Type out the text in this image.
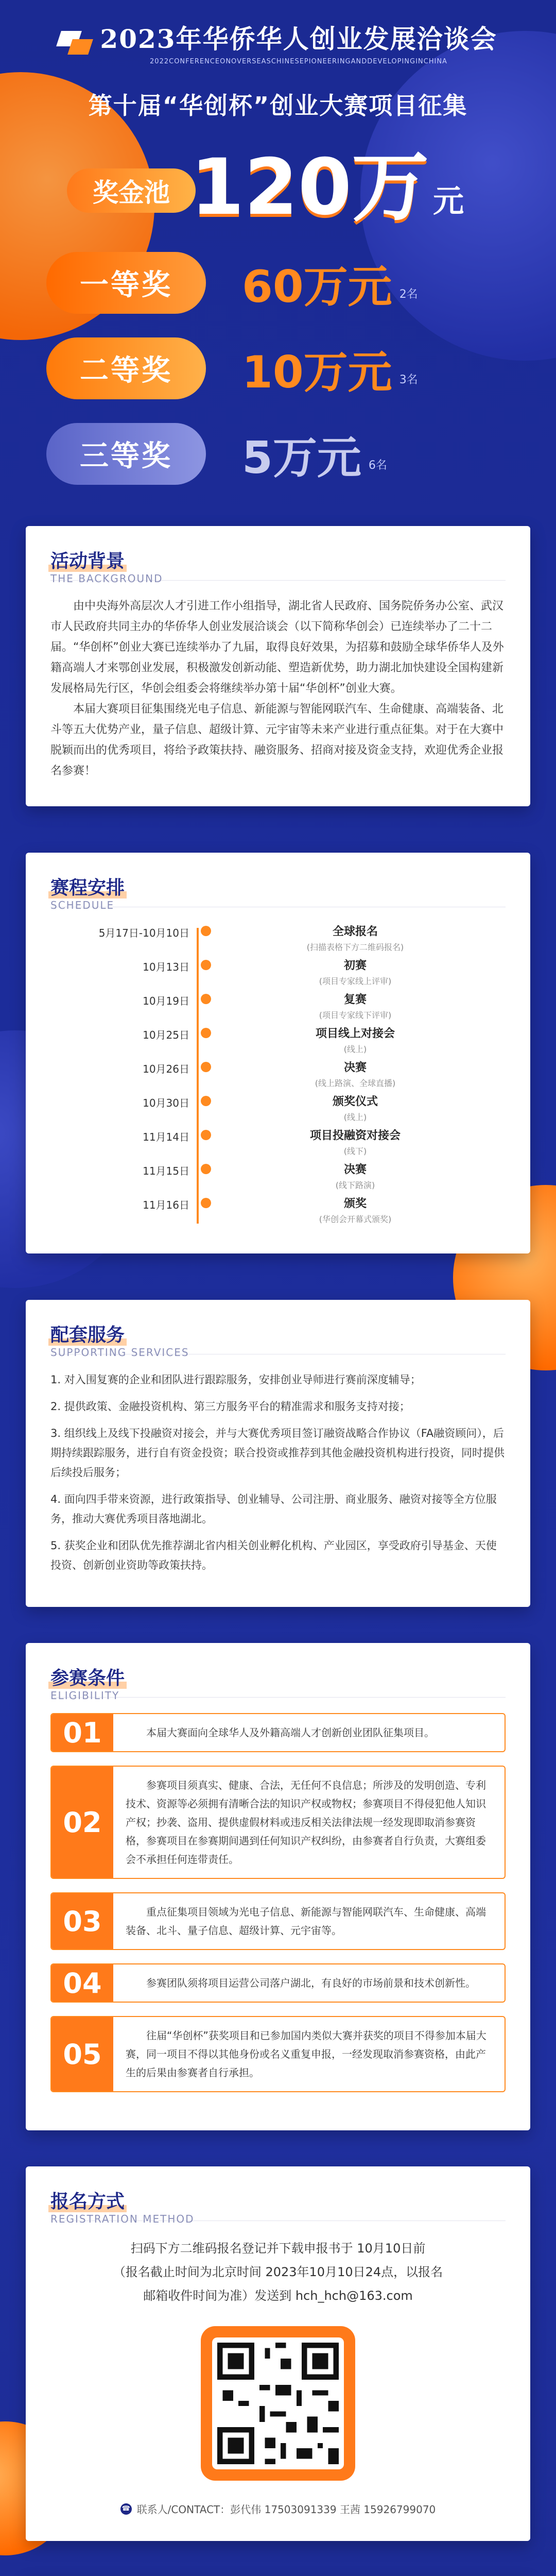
2023年华侨华人创业发展洽谈会
2022CONFERENCEONOVERSEASCHINESEPIONEERINGANDDEVELOPINGINCHINA
第十届“华创杯”创业大赛项目征集
奖金池 120万 元
一等奖	60万元 2名
二等奖	10万元 3名
三等奖	5万元 6名
活动背景
THE BACKGROUND

由中央海外高层次人才引进工作小组指导，湖北省人民政府、国务院侨务办公室、武汉市人民政府共同主办的华侨华人创业发展洽谈会（以下简称华创会）已连续举办了二十二届。“华创杯”创业大赛已连续举办了九届，取得良好效果，为招募和鼓励全球华侨华人及外籍高端人才来鄂创业发展，积极激发创新动能、塑造新优势，助力湖北加快建设全国构建新发展格局先行区，华创会组委会将继续举办第十届“华创杯”创业大赛。

本届大赛项目征集围绕光电子信息、新能源与智能网联汽车、生命健康、高端装备、北斗等五大优势产业，量子信息、超级计算、元宇宙等未来产业进行重点征集。对于在大赛中脱颖而出的优秀项目，将给予政策扶持、融资服务、招商对接及资金支持，欢迎优秀企业报名参赛！

赛程安排
SCHEDULE
5月17日-10月10日	全球报名
(扫描表格下方二维码报名)
10月13日	初赛
(项目专家线上评审)
10月19日	复赛
(项目专家线下评审)
10月25日	项目线上对接会
(线上)
10月26日	决赛
(线上路演、全球直播)
10月30日	颁奖仪式
(线上)
11月14日	项目投融资对接会
(线下)
11月15日	决赛
(线下路演)
11月16日	颁奖
(华创会开幕式颁奖)
配套服务
SUPPORTING SERVICES
1. 对入围复赛的企业和团队进行跟踪服务，安排创业导师进行赛前深度辅导；
2. 提供政策、金融投资机构、第三方服务平台的精准需求和服务支持对接；
3. 组织线上及线下投融资对接会，并与大赛优秀项目签订融资战略合作协议（FA融资顾问），后期持续跟踪服务，进行自有资金投资；联合投资或推荐到其他金融投资机构进行投资，同时提供后续投后服务；
4. 面向四手带来资源，进行政策指导、创业辅导、公司注册、商业服务、融资对接等全方位服务，推动大赛优秀项目落地湖北。
5. 获奖企业和团队优先推荐湖北省内相关创业孵化机构、产业园区，享受政府引导基金、天使投资、创新创业资助等政策扶持。
参赛条件
ELIGIBILITY
01	本届大赛面向全球华人及外籍高端人才创新创业团队征集项目。
02
参赛项目须真实、健康、合法，无任何不良信息；所涉及的发明创造、专利技术、资源等必须拥有清晰合法的知识产权或物权；参赛项目不得侵犯他人知识产权；抄袭、盗用、提供虚假材料或违反相关法律法规一经发现即取消参赛资格，参赛项目在参赛期间遇到任何知识产权纠纷，由参赛者自行负责，大赛组委会不承担任何连带责任。
03	重点征集项目领域为光电子信息、新能源与智能网联汽车、生命健康、高端装备、北斗、量子信息、超级计算、元宇宙等。
04	参赛团队须将项目运营公司落户湖北，有良好的市场前景和技术创新性。
05
往届“华创杯”获奖项目和已参加国内类似大赛并获奖的项目不得参加本届大赛，同一项目不得以其他身份或名义重复申报，一经发现取消参赛资格，由此产生的后果由参赛者自行承担。
报名方式
REGISTRATION METHOD

扫码下方二维码报名登记并下载申报书于 10月10日前

（报名截止时间为北京时间 2023年10月10日24点，以报名

邮箱收件时间为准）发送到 hch_hch@163.com

☎ 联系人/CONTACT：彭代伟 17503091339 王茜 15926799070
